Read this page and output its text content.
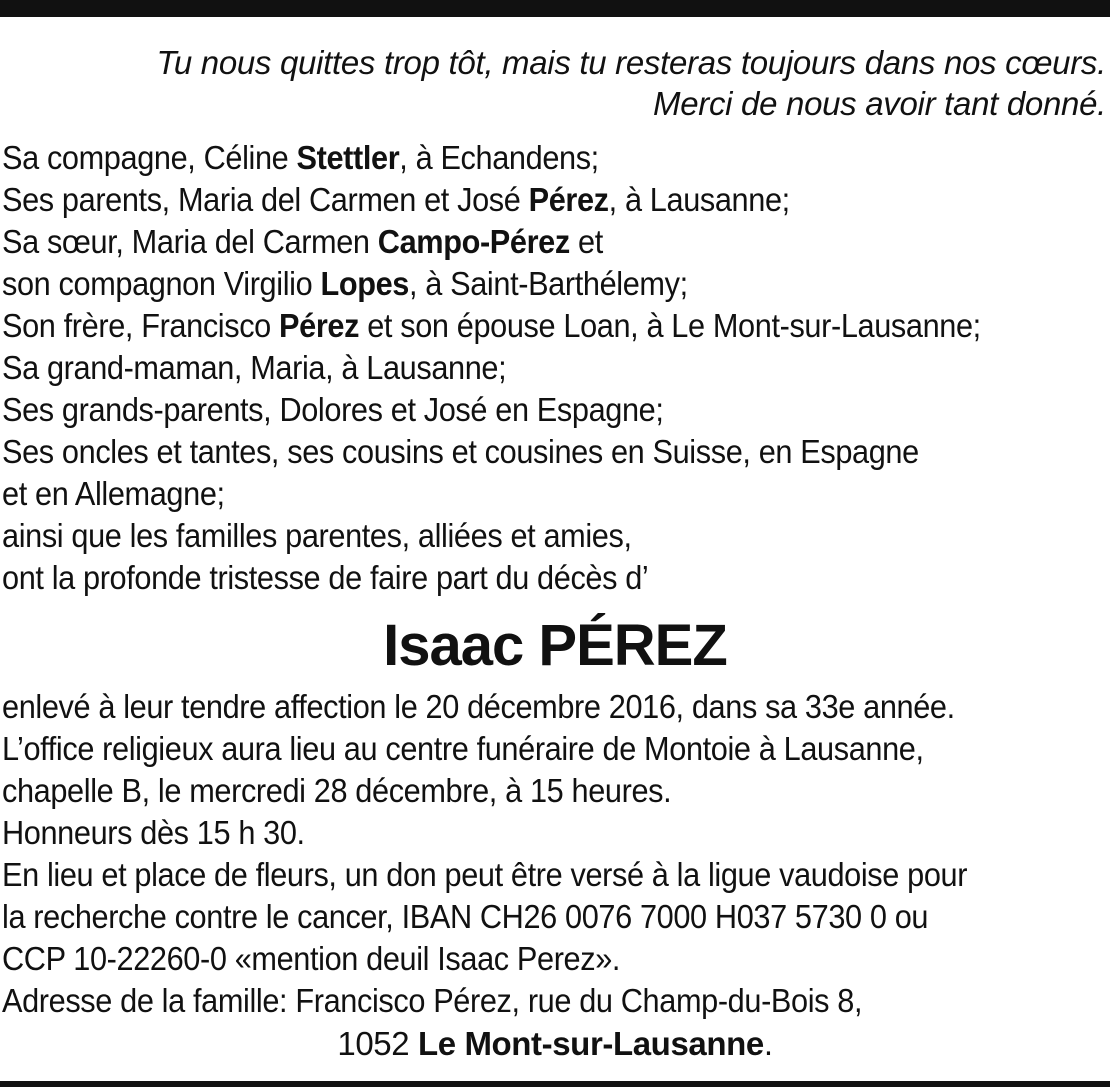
Tu nous quittes trop tôt, mais tu resteras toujours dans nos cœurs.
Merci de nous avoir tant donné.
Sa compagne, Céline Stettler, à Echandens;
Ses parents, Maria del Carmen et José Pérez, à Lausanne;
Sa sœur, Maria del Carmen Campo-Pérez et
son compagnon Virgilio Lopes, à Saint-Barthélemy;
Son frère, Francisco Pérez et son épouse Loan, à Le Mont-sur-Lausanne;
Sa grand-maman, Maria, à Lausanne;
Ses grands-parents, Dolores et José en Espagne;
Ses oncles et tantes, ses cousins et cousines en Suisse, en Espagne
et en Allemagne;
ainsi que les familles parentes, alliées et amies,
ont la profonde tristesse de faire part du décès d’
Isaac PÉREZ
enlevé à leur tendre affection le 20 décembre 2016, dans sa 33e année.
L’office religieux aura lieu au centre funéraire de Montoie à Lausanne,
chapelle B, le mercredi 28 décembre, à 15 heures.
Honneurs dès 15 h 30.
En lieu et place de fleurs, un don peut être versé à la ligue vaudoise pour
la recherche contre le cancer, IBAN CH26 0076 7000 H037 5730 0 ou
CCP 10-22260-0 «mention deuil Isaac Perez».
Adresse de la famille: Francisco Pérez, rue du Champ-du-Bois 8,
1052 Le Mont-sur-Lausanne.
